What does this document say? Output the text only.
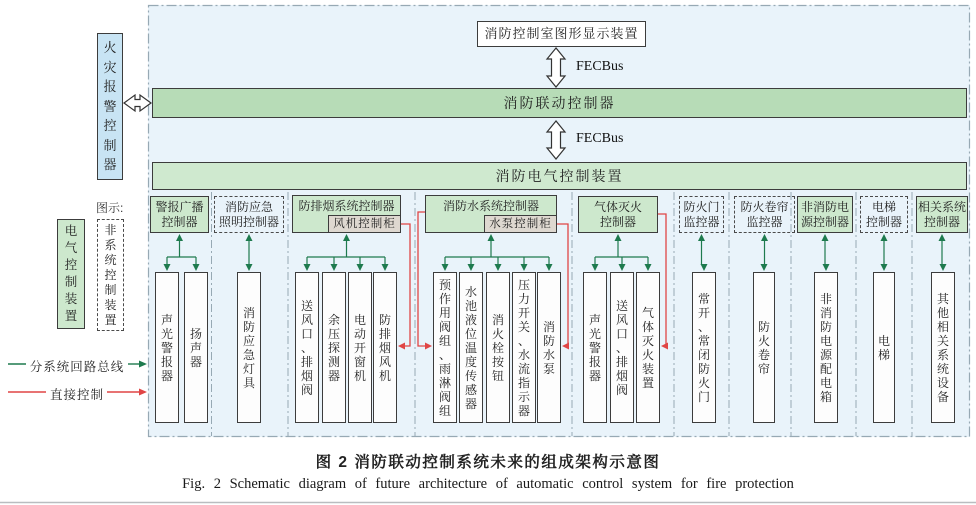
消防控制室图形显示装置
FECBus
FECBus
消防联动控制器
消防电气控制装置
火
灾
报
警
控
制
器
图示:
电
气
控
制
装
置
非
系
统
控
制
装
置
分系统回路总线
直接控制
警报广播
控制器
声
光
警
报
器
扬
声
器
消防应急
照明控制器
消
防
应
急
灯
具
防排烟系统控制器
风机控制柜
送
风
口
、
排
烟
阀
余
压
探
测
器
电
动
开
窗
机
防
排
烟
风
机
消防水系统控制器
水泵控制柜
预
作
用
阀
组
、
雨
淋
阀
组
水
池
液
位
温
度
传
感
器
消
火
栓
按
钮
压
力
开
关
、
水
流
指
示
器
消
防
水
泵
气体灭火
控制器
声
光
警
报
器
送
风
口
、
排
烟
阀
气
体
灭
火
装
置
防火门
监控器
常
开
、
常
闭
防
火
门
防火卷帘
监控器
防
火
卷
帘
非消防电
源控制器
非
消
防
电
源
配
电
箱
电梯
控制器
电
梯
相关系统
控制器
其
他
相
关
系
统
设
备
图 2 消防联动控制系统未来的组成架构示意图
Fig. 2 Schematic diagram of future architecture of automatic control system for fire protection
